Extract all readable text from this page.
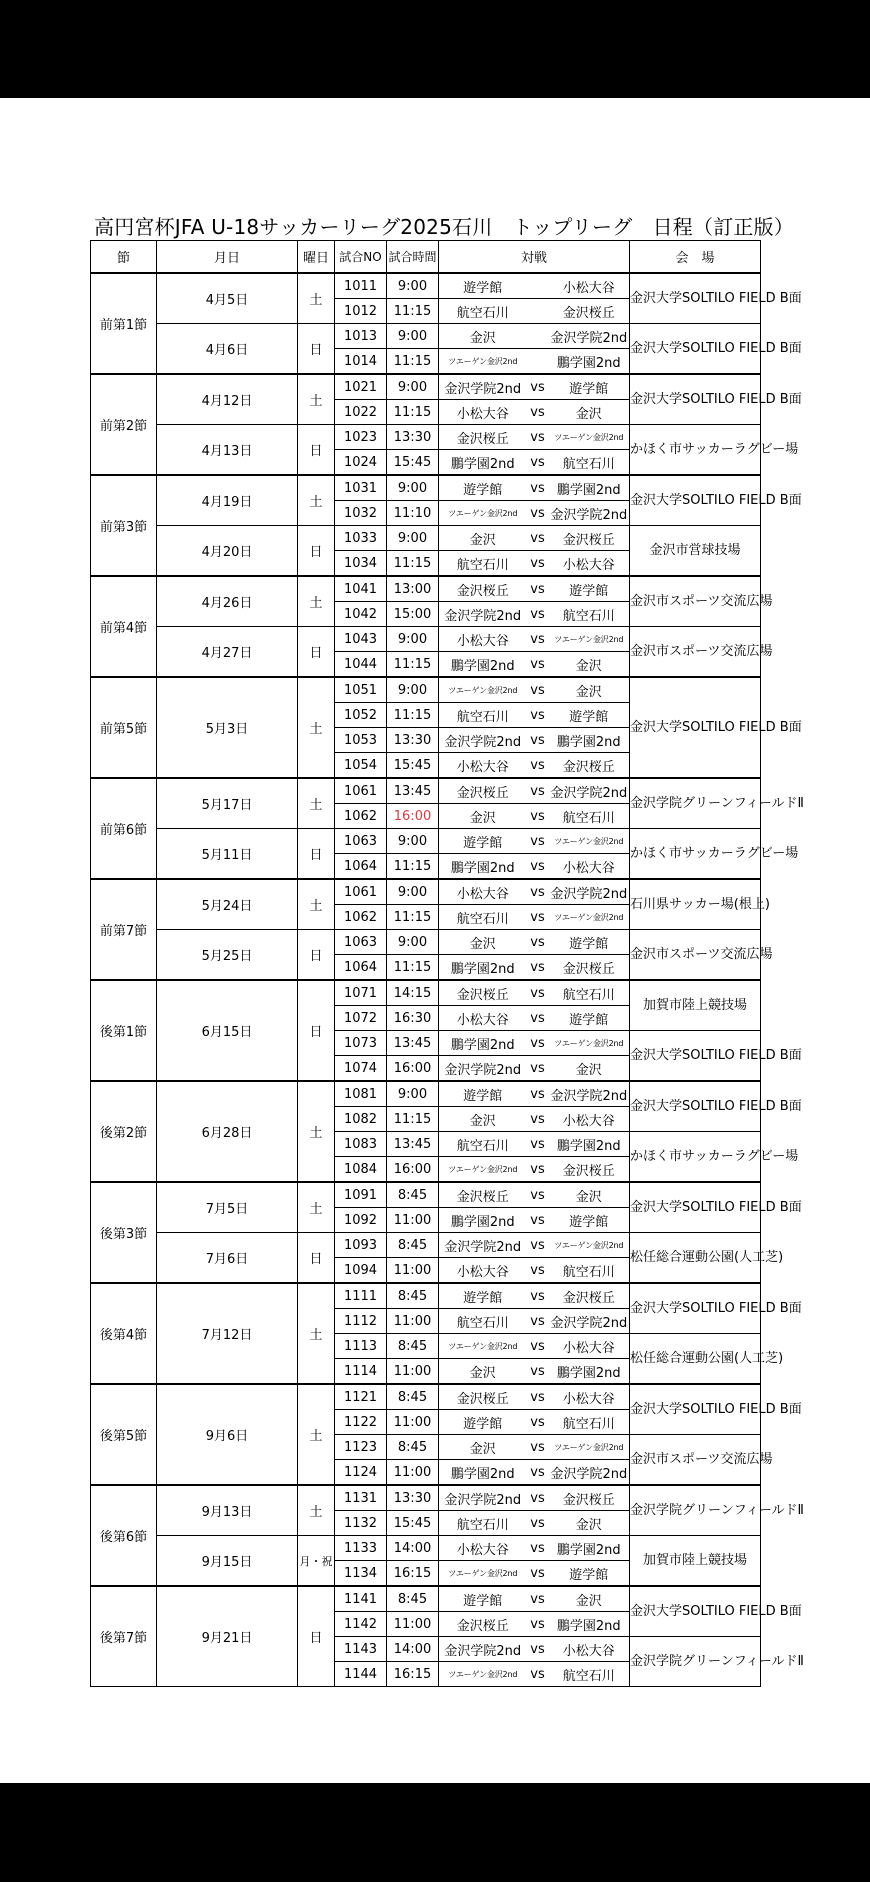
高円宮杯JFA U-18サッカーリーグ2025石川　トップリーグ　日程（訂正版）
節	月日	曜日	試合NO	試合時間	対戦			会　場
前第1節	4月5日	土	1011	9:00	遊学館		小松大谷	金沢大学SOLTILO FIELD B面
			1012	11:15	航空石川		金沢桜丘	
	4月6日	日	1013	9:00	金沢		金沢学院2nd	金沢大学SOLTILO FIELD B面
			1014	11:15	ツエーゲン金沢2nd		鵬学園2nd	
前第2節	4月12日	土	1021	9:00	金沢学院2nd	vs	遊学館	金沢大学SOLTILO FIELD B面
			1022	11:15	小松大谷	vs	金沢	
	4月13日	日	1023	13:30	金沢桜丘	vs	ツエーゲン金沢2nd	かほく市サッカーラグビー場
			1024	15:45	鵬学園2nd	vs	航空石川	
前第3節	4月19日	土	1031	9:00	遊学館	vs	鵬学園2nd	金沢大学SOLTILO FIELD B面
			1032	11:10	ツエーゲン金沢2nd	vs	金沢学院2nd	
	4月20日	日	1033	9:00	金沢	vs	金沢桜丘	金沢市営球技場
			1034	11:15	航空石川	vs	小松大谷	
前第4節	4月26日	土	1041	13:00	金沢桜丘	vs	遊学館	金沢市スポーツ交流広場
			1042	15:00	金沢学院2nd	vs	航空石川	
	4月27日	日	1043	9:00	小松大谷	vs	ツエーゲン金沢2nd	金沢市スポーツ交流広場
			1044	11:15	鵬学園2nd	vs	金沢	
前第5節	5月3日	土	1051	9:00	ツエーゲン金沢2nd	vs	金沢	金沢大学SOLTILO FIELD B面
			1052	11:15	航空石川	vs	遊学館	
			1053	13:30	金沢学院2nd	vs	鵬学園2nd	
			1054	15:45	小松大谷	vs	金沢桜丘	
前第6節	5月17日	土	1061	13:45	金沢桜丘	vs	金沢学院2nd	金沢学院グリーンフィールドⅡ
			1062	16:00	金沢	vs	航空石川	
	5月11日	日	1063	9:00	遊学館	vs	ツエーゲン金沢2nd	かほく市サッカーラグビー場
			1064	11:15	鵬学園2nd	vs	小松大谷	
前第7節	5月24日	土	1061	9:00	小松大谷	vs	金沢学院2nd	石川県サッカー場(根上)
			1062	11:15	航空石川	vs	ツエーゲン金沢2nd	
	5月25日	日	1063	9:00	金沢	vs	遊学館	金沢市スポーツ交流広場
			1064	11:15	鵬学園2nd	vs	金沢桜丘	
後第1節	6月15日	日	1071	14:15	金沢桜丘	vs	航空石川	加賀市陸上競技場
			1072	16:30	小松大谷	vs	遊学館	
			1073	13:45	鵬学園2nd	vs	ツエーゲン金沢2nd	金沢大学SOLTILO FIELD B面
			1074	16:00	金沢学院2nd	vs	金沢	
後第2節	6月28日	土	1081	9:00	遊学館	vs	金沢学院2nd	金沢大学SOLTILO FIELD B面
			1082	11:15	金沢	vs	小松大谷	
			1083	13:45	航空石川	vs	鵬学園2nd	かほく市サッカーラグビー場
			1084	16:00	ツエーゲン金沢2nd	vs	金沢桜丘	
後第3節	7月5日	土	1091	8:45	金沢桜丘	vs	金沢	金沢大学SOLTILO FIELD B面
			1092	11:00	鵬学園2nd	vs	遊学館	
	7月6日	日	1093	8:45	金沢学院2nd	vs	ツエーゲン金沢2nd	松任総合運動公園(人工芝)
			1094	11:00	小松大谷	vs	航空石川	
後第4節	7月12日	土	1111	8:45	遊学館	vs	金沢桜丘	金沢大学SOLTILO FIELD B面
			1112	11:00	航空石川	vs	金沢学院2nd	
			1113	8:45	ツエーゲン金沢2nd	vs	小松大谷	松任総合運動公園(人工芝)
			1114	11:00	金沢	vs	鵬学園2nd	
後第5節	9月6日	土	1121	8:45	金沢桜丘	vs	小松大谷	金沢大学SOLTILO FIELD B面
			1122	11:00	遊学館	vs	航空石川	
			1123	8:45	金沢	vs	ツエーゲン金沢2nd	金沢市スポーツ交流広場
			1124	11:00	鵬学園2nd	vs	金沢学院2nd	
後第6節	9月13日	土	1131	13:30	金沢学院2nd	vs	金沢桜丘	金沢学院グリーンフィールドⅡ
			1132	15:45	航空石川	vs	金沢	
	9月15日	月・祝	1133	14:00	小松大谷	vs	鵬学園2nd	加賀市陸上競技場
			1134	16:15	ツエーゲン金沢2nd	vs	遊学館	
後第7節	9月21日	日	1141	8:45	遊学館	vs	金沢	金沢大学SOLTILO FIELD B面
			1142	11:00	金沢桜丘	vs	鵬学園2nd	
			1143	14:00	金沢学院2nd	vs	小松大谷	金沢学院グリーンフィールドⅡ
			1144	16:15	ツエーゲン金沢2nd	vs	航空石川	
